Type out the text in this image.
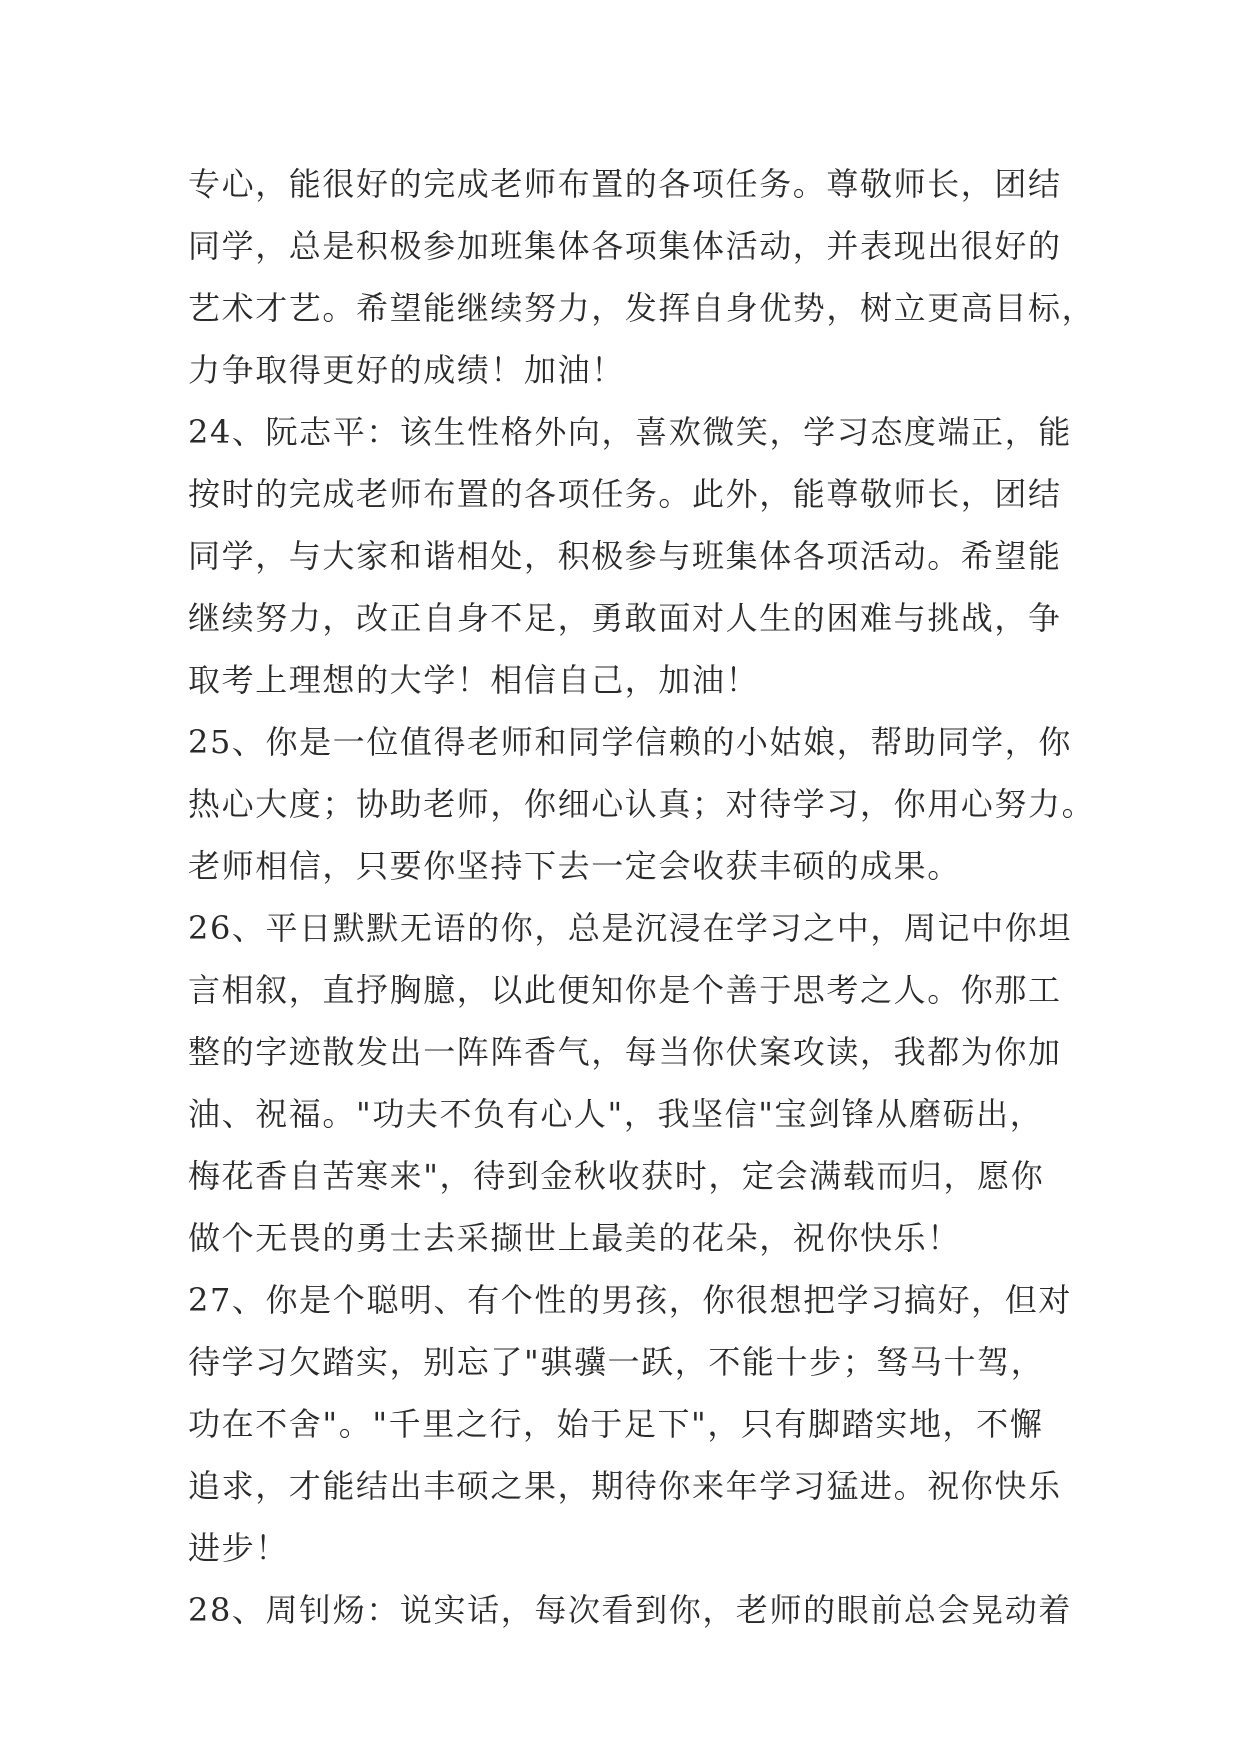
专心，能很好的完成老师布置的各项任务。尊敬师长，团结
同学，总是积极参加班集体各项集体活动，并表现出很好的
艺术才艺。希望能继续努力，发挥自身优势，树立更高目标，
力争取得更好的成绩！加油！
24、阮志平：该生性格外向，喜欢微笑，学习态度端正，能
按时的完成老师布置的各项任务。此外，能尊敬师长，团结
同学，与大家和谐相处，积极参与班集体各项活动。希望能
继续努力，改正自身不足，勇敢面对人生的困难与挑战，争
取考上理想的大学！相信自己，加油！
25、你是一位值得老师和同学信赖的小姑娘，帮助同学，你
热心大度；协助老师，你细心认真；对待学习，你用心努力。
老师相信，只要你坚持下去一定会收获丰硕的成果。
26、平日默默无语的你，总是沉浸在学习之中，周记中你坦
言相叙，直抒胸臆，以此便知你是个善于思考之人。你那工
整的字迹散发出一阵阵香气，每当你伏案攻读，我都为你加
油、祝福。"功夫不负有心人"，我坚信"宝剑锋从磨砺出，
梅花香自苦寒来"，待到金秋收获时，定会满载而归，愿你
做个无畏的勇士去采撷世上最美的花朵，祝你快乐！
27、你是个聪明、有个性的男孩，你很想把学习搞好，但对
待学习欠踏实，别忘了"骐骥一跃，不能十步；驽马十驾，
功在不舍"。"千里之行，始于足下"，只有脚踏实地，不懈
追求，才能结出丰硕之果，期待你来年学习猛进。祝你快乐
进步！
28、周钊炀：说实话，每次看到你，老师的眼前总会晃动着
